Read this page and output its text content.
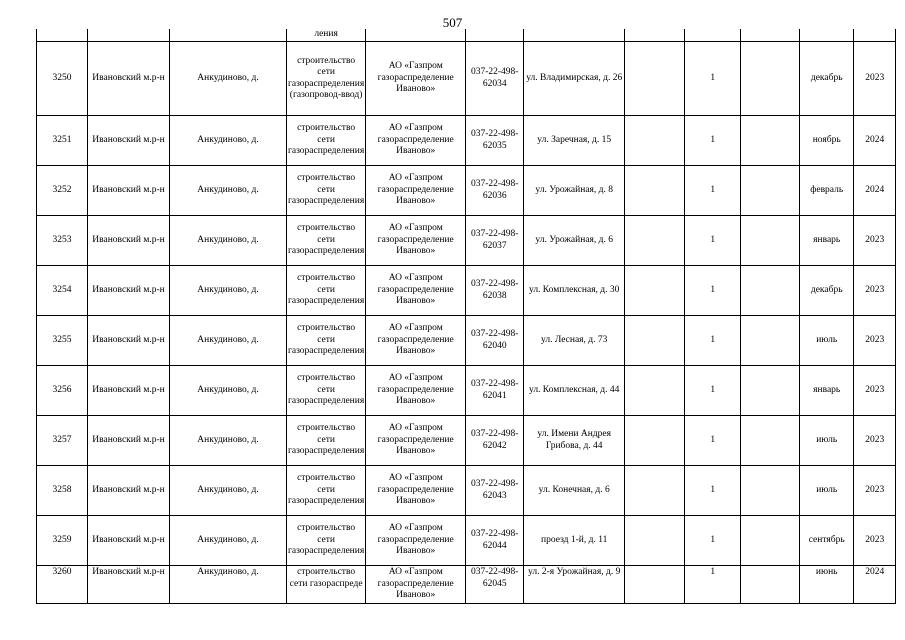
507
			ления								
3250	Ивановский м.р-н	Анкудиново, д.	строительство сети газораспределения (газопровод-ввод)	АО «Газпром газораспределение Иваново»	037-22-498-62034	ул. Владимирская, д. 26		1		декабрь	2023
3251	Ивановский м.р-н	Анкудиново, д.	строительство сети газораспределения	АО «Газпром газораспределение Иваново»	037-22-498-62035	ул. Заречная, д. 15		1		ноябрь	2024
3252	Ивановский м.р-н	Анкудиново, д.	строительство сети газораспределения	АО «Газпром газораспределение Иваново»	037-22-498-62036	ул. Урожайная, д. 8		1		февраль	2024
3253	Ивановский м.р-н	Анкудиново, д.	строительство сети газораспределения	АО «Газпром газораспределение Иваново»	037-22-498-62037	ул. Урожайная, д. 6		1		январь	2023
3254	Ивановский м.р-н	Анкудиново, д.	строительство сети газораспределения	АО «Газпром газораспределение Иваново»	037-22-498-62038	ул. Комплексная, д. 30		1		декабрь	2023
3255	Ивановский м.р-н	Анкудиново, д.	строительство сети газораспределения	АО «Газпром газораспределение Иваново»	037-22-498-62040	ул. Лесная, д. 73		1		июль	2023
3256	Ивановский м.р-н	Анкудиново, д.	строительство сети газораспределения	АО «Газпром газораспределение Иваново»	037-22-498-62041	ул. Комплексная, д. 44		1		январь	2023
3257	Ивановский м.р-н	Анкудиново, д.	строительство сети газораспределения	АО «Газпром газораспределение Иваново»	037-22-498-62042	ул. Имени Андрея Грибова, д. 44		1		июль	2023
3258	Ивановский м.р-н	Анкудиново, д.	строительство сети газораспределения	АО «Газпром газораспределение Иваново»	037-22-498-62043	ул. Конечная, д. 6		1		июль	2023
3259	Ивановский м.р-н	Анкудиново, д.	строительство сети газораспределения	АО «Газпром газораспределение Иваново»	037-22-498-62044	проезд 1-й, д. 11		1		сентябрь	2023
3260	Ивановский м.р-н	Анкудиново, д.	строительство сети газораспреде	АО «Газпром газораспределение Иваново»	037-22-498-62045	ул. 2-я Урожайная, д. 9		1		июнь	2024
